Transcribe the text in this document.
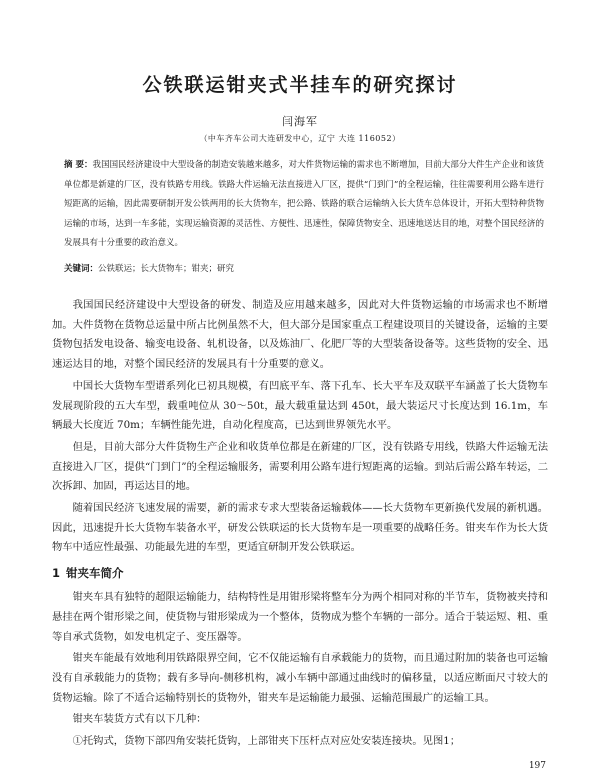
公铁联运钳夹式半挂车的研究探讨
闫海军
（中车齐车公司大连研发中心，辽宁 大连 116052）
摘 要：我国国民经济建设中大型设备的制造安装越来越多，对大件货物运输的需求也不断增加，目前大部分大件生产企业和该货单位都是新建的厂区，没有铁路专用线。铁路大件运输无法直接进入厂区，提供“门到门”的全程运输，往往需要利用公路车进行短距离的运输，因此需要研制开发公铁两用的长大货物车，把公路、铁路的联合运输纳入长大货车总体设计，开拓大型特种货物运输的市场，达到一车多能，实现运输资源的灵活性、方便性、迅速性，保障货物安全、迅速地送达目的地，对整个国民经济的发展具有十分重要的政治意义。
关键词：公铁联运；长大货物车；钳夹；研究

我国国民经济建设中大型设备的研发、制造及应用越来越多，因此对大件货物运输的市场需求也不断增加。大件货物在货物总运量中所占比例虽然不大，但大部分是国家重点工程建设项目的关键设备，运输的主要货物包括发电设备、输变电设备、轧机设备，以及炼油厂、化肥厂等的大型装备设备等。这些货物的安全、迅速运达目的地，对整个国民经济的发展具有十分重要的意义。

中国长大货物车型谱系列化已初具规模，有凹底平车、落下孔车、长大平车及双联平车涵盖了长大货物车发展现阶段的五大车型，载重吨位从 30～50t，最大载重量达到 450t，最大装运尺寸长度达到 16.1m，车辆最大长度近 70m；车辆性能先进，自动化程度高，已达到世界领先水平。

但是，目前大部分大件货物生产企业和收货单位都是在新建的厂区，没有铁路专用线，铁路大件运输无法直接进入厂区，提供“门到门”的全程运输服务，需要利用公路车进行短距离的运输。到站后需公路车转运，二次拆卸、加固，再运达目的地。

随着国民经济飞速发展的需要，新的需求专求大型装备运输载体——长大货物车更新换代发展的新机遇。因此，迅速提升长大货物车装备水平，研发公铁联运的长大货物车是一项重要的战略任务。钳夹车作为长大货物车中适应性最强、功能最先进的车型，更适宜研制开发公铁联运。

1 钳夹车简介

钳夹车具有独特的超限运输能力，结构特性是用钳形梁将整车分为两个相同对称的半节车，货物被夹持和悬挂在两个钳形梁之间，使货物与钳形梁成为一个整体，货物成为整个车辆的一部分。适合于装运短、粗、重等自承式货物，如发电机定子、变压器等。

钳夹车能最有效地利用铁路限界空间，它不仅能运输有自承载能力的货物，而且通过附加的装备也可运输没有自承载能力的货物；载有多导向-侧移机构，减小车辆中部通过曲线时的偏移量，以适应断面尺寸较大的货物运输。除了不适合运输特别长的货物外，钳夹车是运输能力最强、运输范围最广的运输工具。

钳夹车装货方式有以下几种：

①托钩式，货物下部四角安装托货钩，上部钳夹下压杆点对应处安装连接块。见图1；

197
